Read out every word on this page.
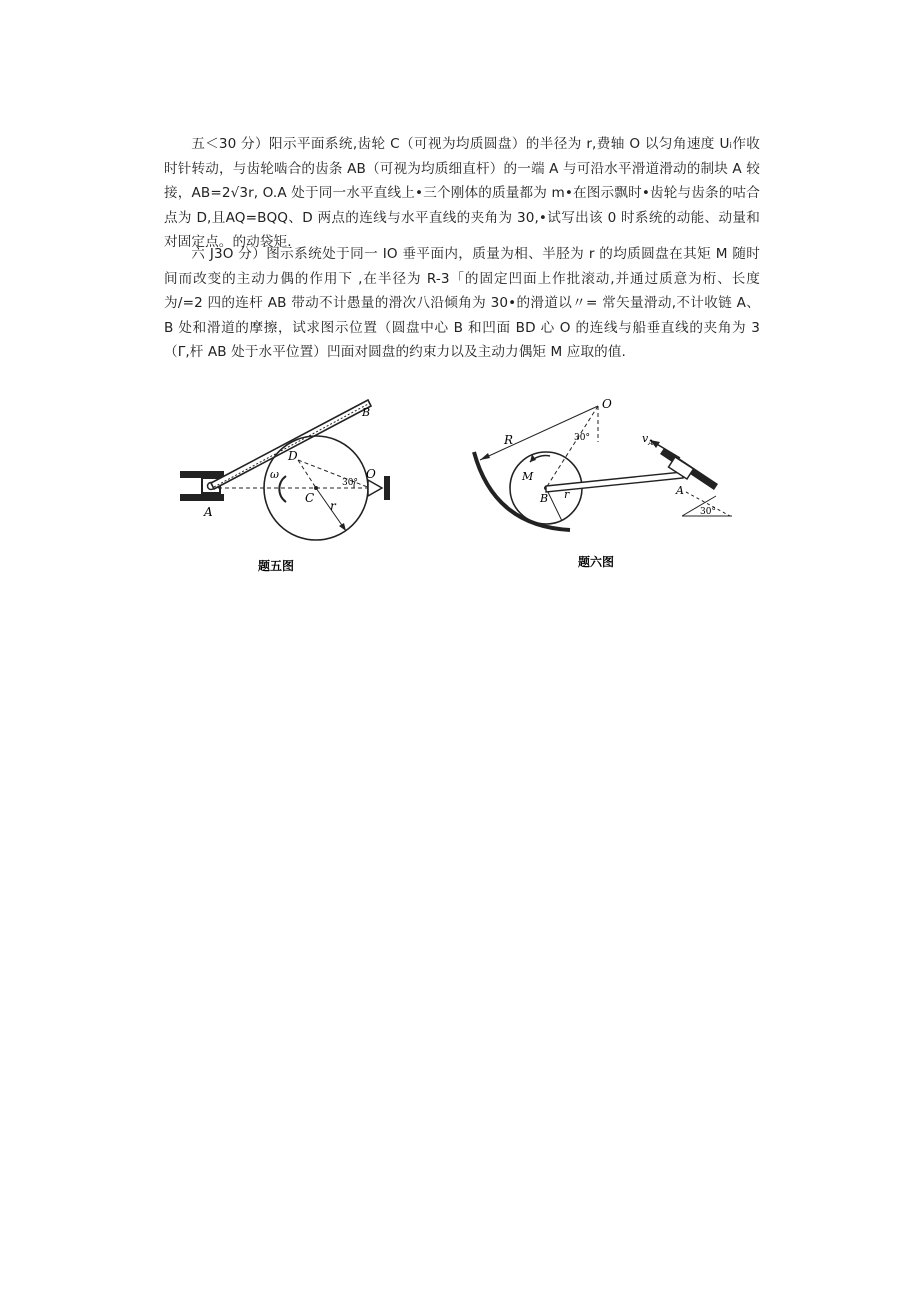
五＜30 分）阳示平面系统,齿轮 C（可视为均质圆盘）的半径为 r,费轴 O 以匀角速度 Uᵢ作收时针转动，与齿轮啮合的齿条 AB（可视为均质细直杆）的一端 A 与可沿水平滑道滑动的制块 A 较接，AB=2√3r, O.A 处于同一水平直线上•三个刚体的质量都为 m•在图示飘时•齿轮与齿条的咕合点为 D,且AQ=BQQ、D 两点的连线与水平直线的夹角为 30,•试写出该 0 时系统的动能、动量和对固定点。的动袋矩.
六 J3O 分）图示系统处于同一 IO 垂平面内，质量为相、半胫为 r 的均质圆盘在其矩 M 随时间而改变的主动力偶的作用下 ,在半径为 R-3「的固定凹面上作批滚动,并通过质意为桁、长度为/=2 四的连杆 AB 带动不计愚量的滑次八沿倾角为 30•的滑道以〃= 常矢量滑动,不计收链 A、B 处和滑道的摩擦，试求图示位置（圆盘中心 B 和凹面 BD 心 O 的连线与船垂直线的夹角为 3（Γ,杆 AB 处于水平位置）凹面对圆盘的约束力以及主动力偶矩 M 应取的值.
B
D
ω
C
O
30°
r
A
题五图
O
R	30°
M
B r
$v_A$
A
30°
题六图
